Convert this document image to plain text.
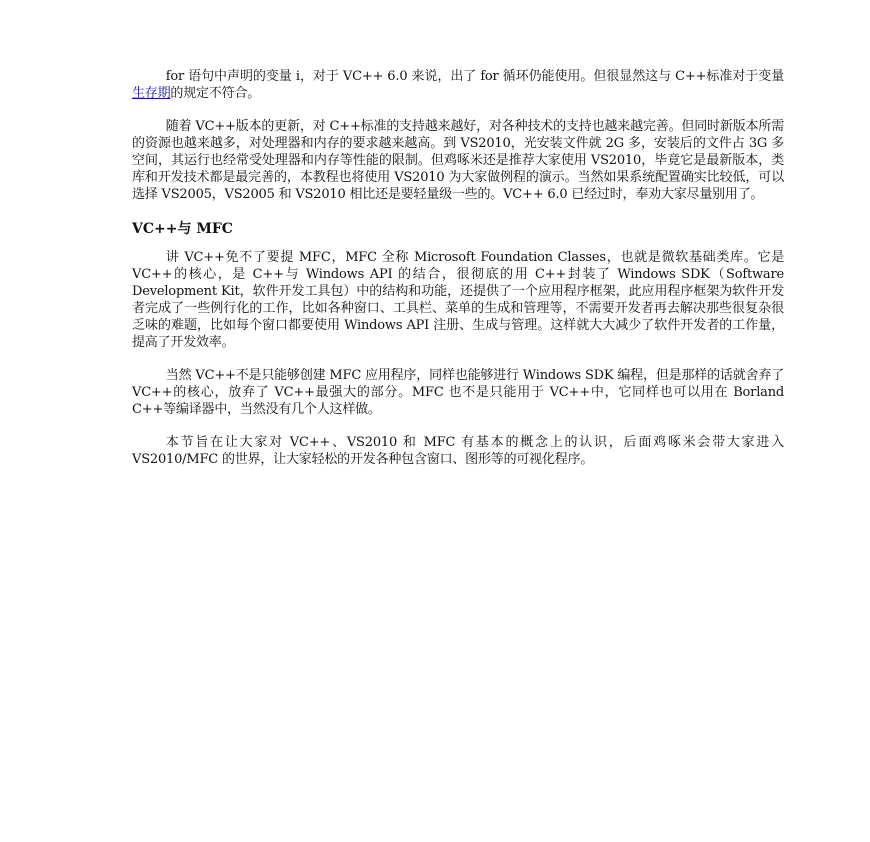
for 语句中声明的变量 i，对于 VC++ 6.0 来说，出了 for 循环仍能使用。但很显然这与 C++标准对于变量生存期的规定不符合。

随着 VC++版本的更新，对 C++标准的支持越来越好，对各种技术的支持也越来越完善。但同时新版本所需的资源也越来越多，对处理器和内存的要求越来越高。到 VS2010，光安装文件就 2G 多，安装后的文件占 3G 多空间，其运行也经常受处理器和内存等性能的限制。但鸡啄米还是推荐大家使用 VS2010，毕竟它是最新版本，类库和开发技术都是最完善的，本教程也将使用 VS2010 为大家做例程的演示。当然如果系统配置确实比较低，可以选择 VS2005，VS2005 和 VS2010 相比还是要轻量级一些的。VC++ 6.0 已经过时，奉劝大家尽量别用了。

VC++与 MFC

讲 VC++免不了要提 MFC，MFC 全称 Microsoft Foundation Classes，也就是微软基础类库。它是 VC++的核心，是 C++与 Windows API 的结合，很彻底的用 C++封装了 Windows SDK（Software Development Kit，软件开发工具包）中的结构和功能，还提供了一个应用程序框架，此应用程序框架为软件开发者完成了一些例行化的工作，比如各种窗口、工具栏、菜单的生成和管理等，不需要开发者再去解决那些很复杂很乏味的难题，比如每个窗口都要使用 Windows API 注册、生成与管理。这样就大大减少了软件开发者的工作量，提高了开发效率。

当然 VC++不是只能够创建 MFC 应用程序，同样也能够进行 Windows SDK 编程，但是那样的话就舍弃了 VC++的核心，放弃了 VC++最强大的部分。MFC 也不是只能用于 VC++中，它同样也可以用在 Borland C++等编译器中，当然没有几个人这样做。

本节旨在让大家对 VC++、VS2010 和 MFC 有基本的概念上的认识，后面鸡啄米会带大家进入 VS2010/MFC 的世界，让大家轻松的开发各种包含窗口、图形等的可视化程序。
